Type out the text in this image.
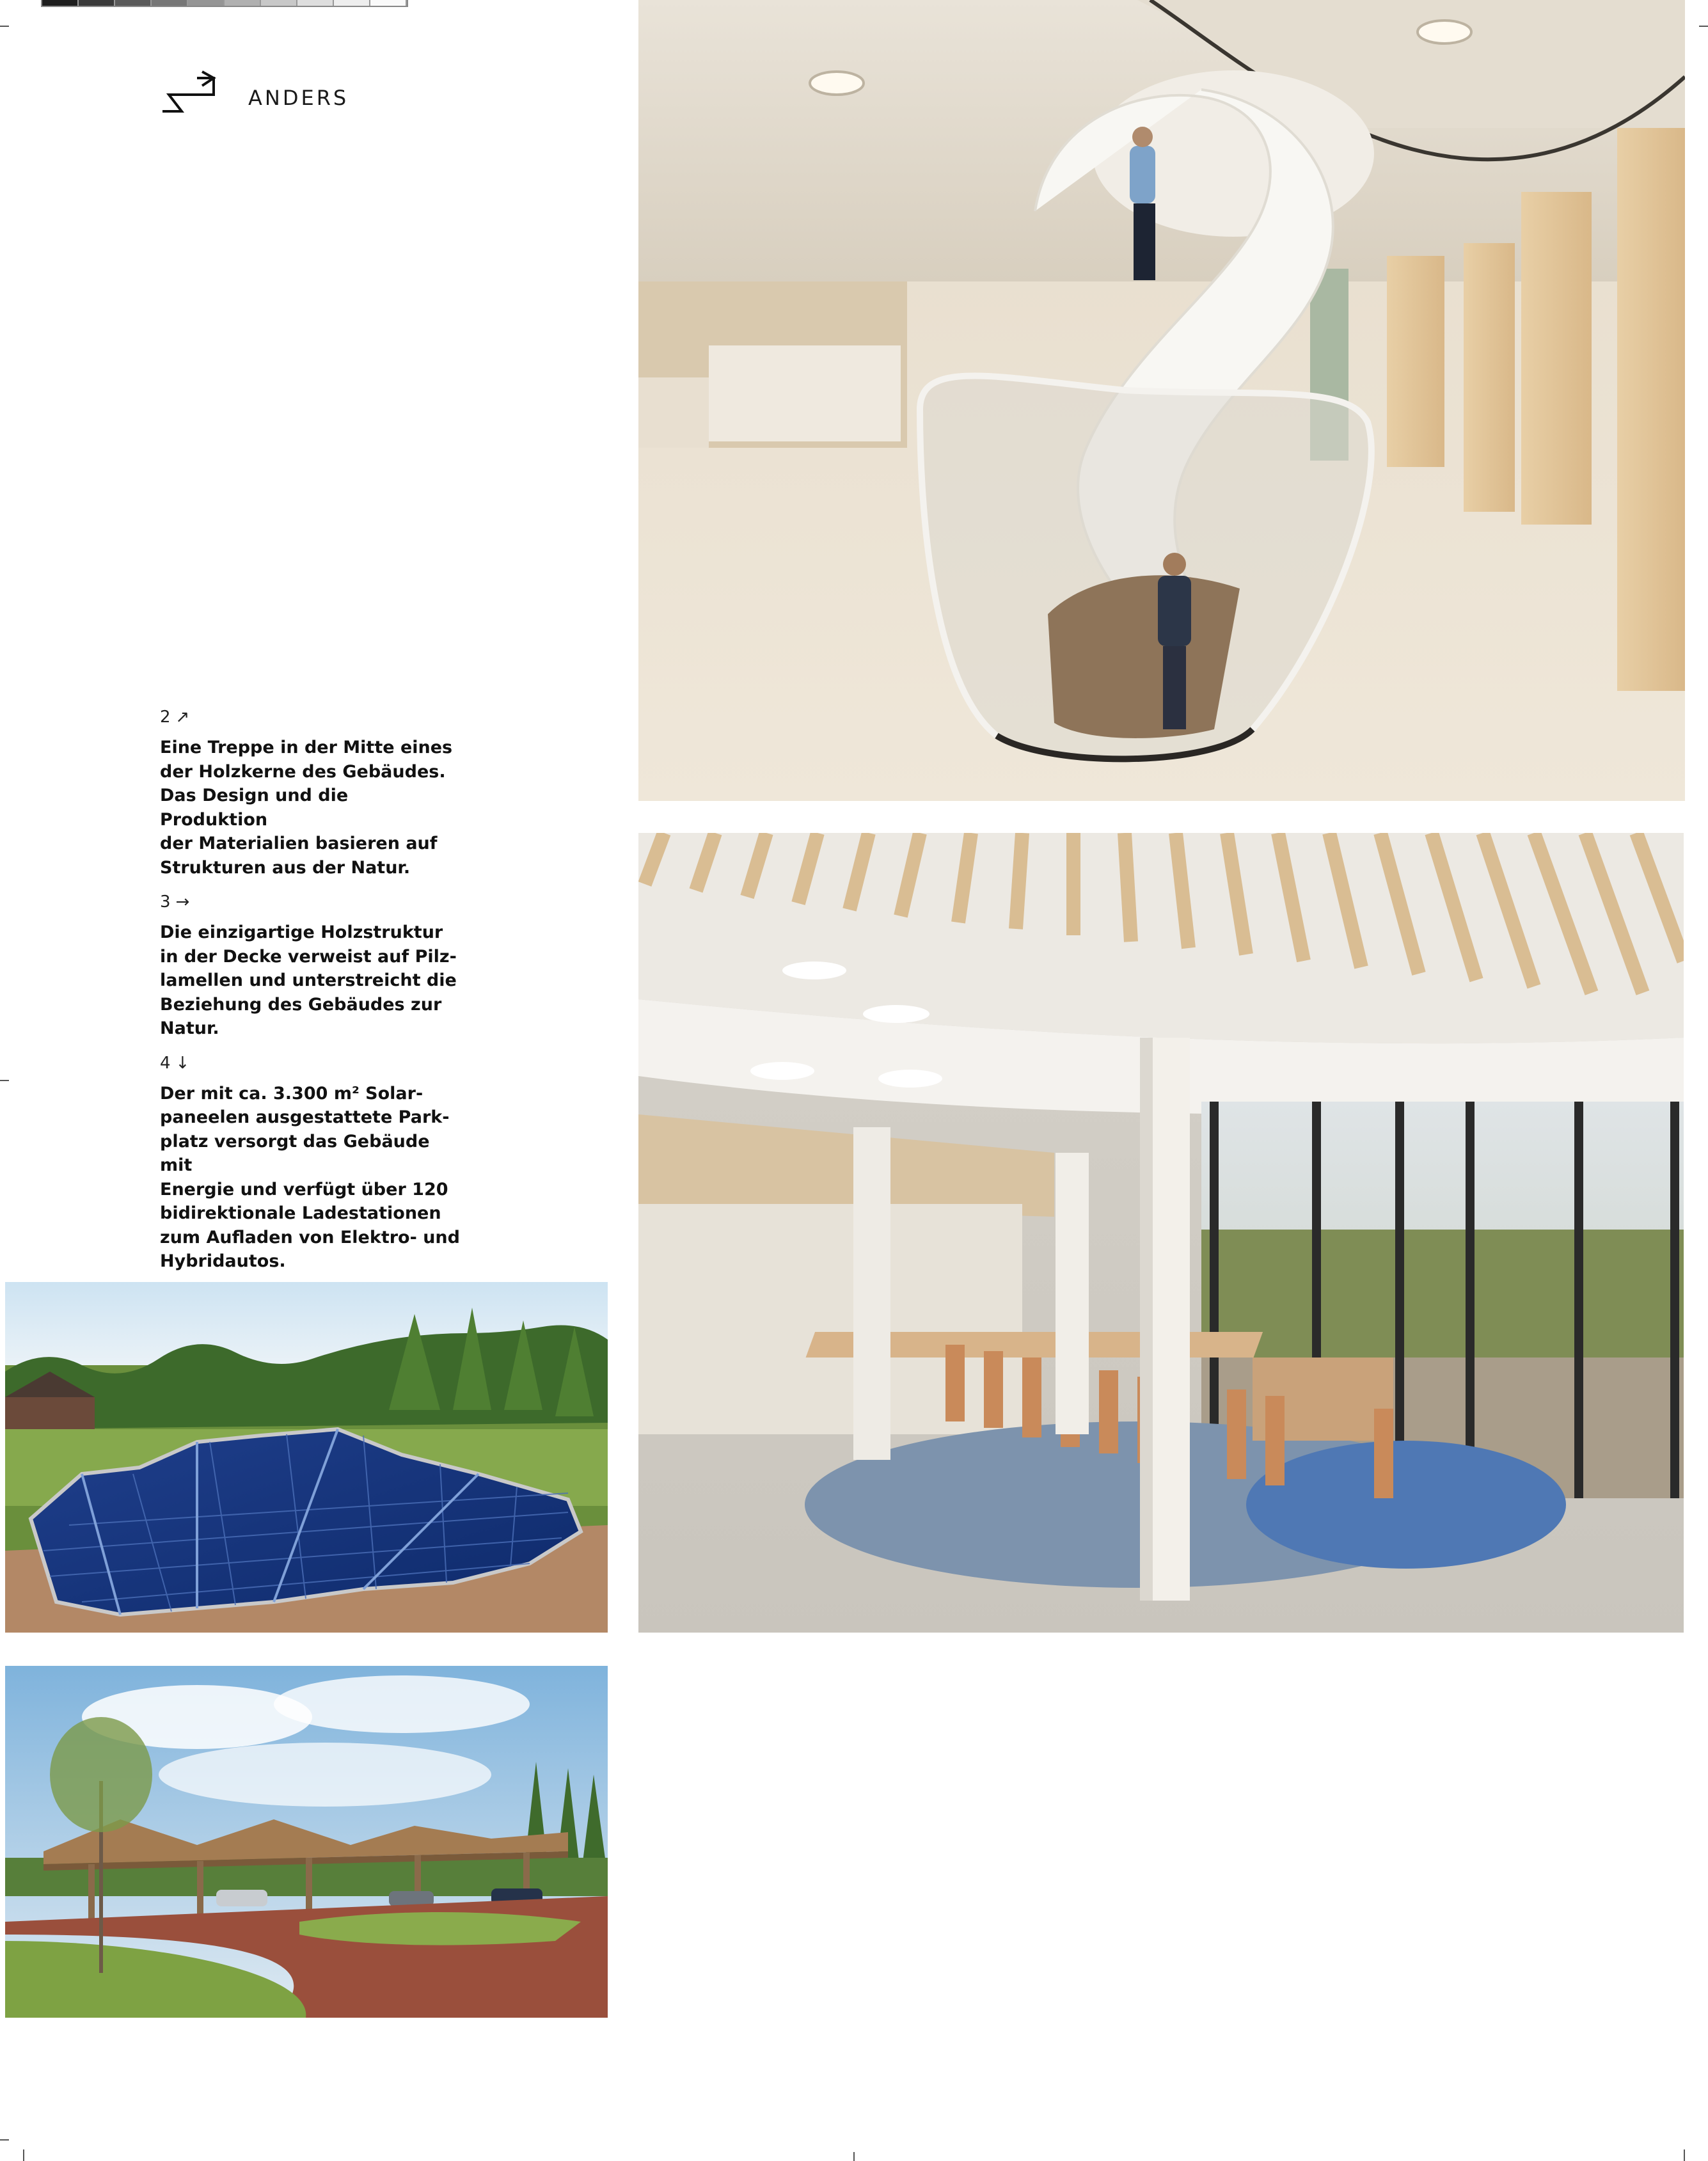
ANDERS
2 ↗

Eine Treppe in der Mitte eines
der Holzkerne des Gebäudes.
Das Design und die Produktion
der Materialien basieren auf
Strukturen aus der Natur.

3 →

Die einzigartige Holzstruktur
in der Decke verweist auf Pilz-
lamellen und unterstreicht die
Beziehung des Gebäudes zur
Natur.

4 ↓

Der mit ca. 3.300 m² Solar-
paneelen ausgestattete Park-
platz versorgt das Gebäude mit
Energie und verfügt über 120
bidirektionale Ladestationen
zum Aufladen von Elektro- und
Hybridautos.
